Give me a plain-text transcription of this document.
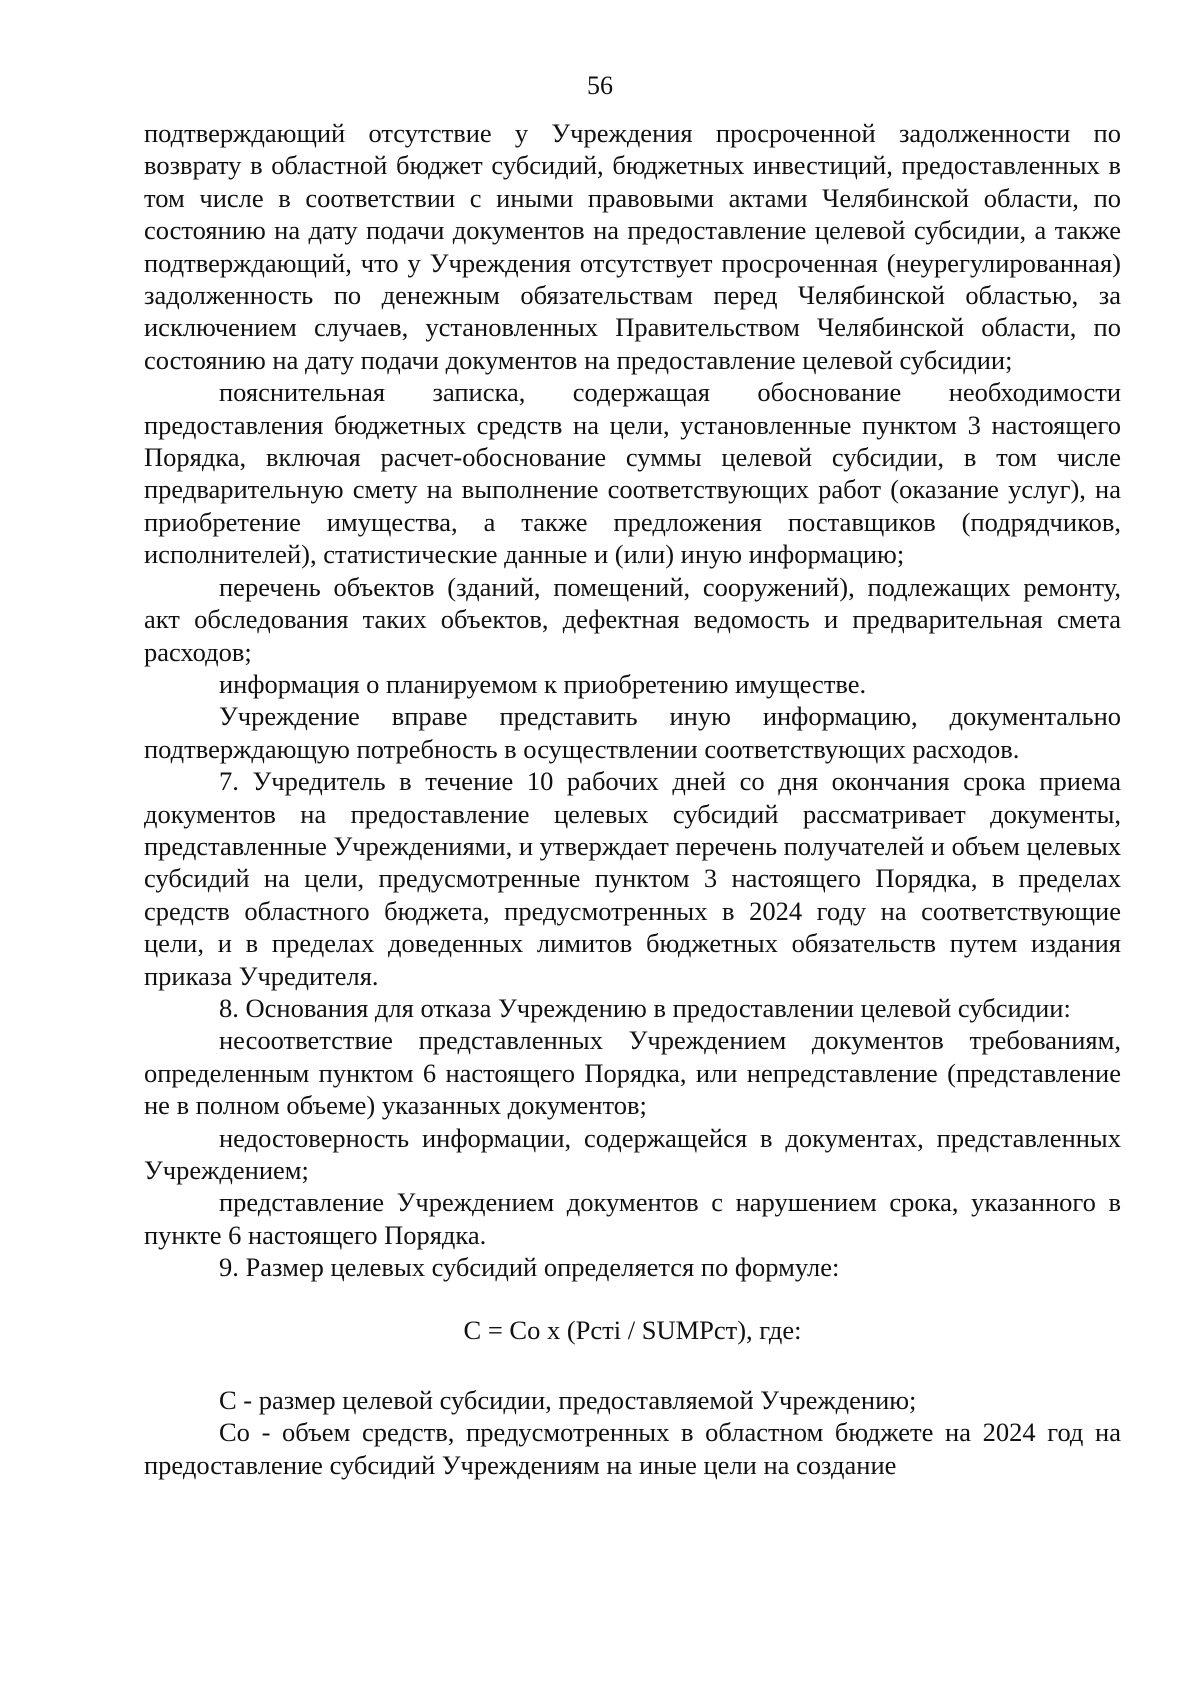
56

подтверждающий отсутствие у Учреждения просроченной задолженности по возврату в областной бюджет субсидий, бюджетных инвестиций, предоставленных в том числе в соответствии с иными правовыми актами Челябинской области, по состоянию на дату подачи документов на предоставление целевой субсидии, а также подтверждающий, что у Учреждения отсутствует просроченная (неурегулированная) задолженность по денежным обязательствам перед Челябинской областью, за исключением случаев, установленных Правительством Челябинской области, по состоянию на дату подачи документов на предоставление целевой субсидии;

пояснительная записка, содержащая обоснование необходимости предоставления бюджетных средств на цели, установленные пунктом 3 настоящего Порядка, включая расчет-обоснование суммы целевой субсидии, в том числе предварительную смету на выполнение соответствующих работ (оказание услуг), на приобретение имущества, а также предложения поставщиков (подрядчиков, исполнителей), статистические данные и (или) иную информацию;

перечень объектов (зданий, помещений, сооружений), подлежащих ремонту, акт обследования таких объектов, дефектная ведомость и предварительная смета расходов;

информация о планируемом к приобретению имуществе.

Учреждение вправе представить иную информацию, документально подтверждающую потребность в осуществлении соответствующих расходов.

7. Учредитель в течение 10 рабочих дней со дня окончания срока приема документов на предоставление целевых субсидий рассматривает документы, представленные Учреждениями, и утверждает перечень получателей и объем целевых субсидий на цели, предусмотренные пунктом 3 настоящего Порядка, в пределах средств областного бюджета, предусмотренных в 2024 году на соответствующие цели, и в пределах доведенных лимитов бюджетных обязательств путем издания приказа Учредителя.

8. Основания для отказа Учреждению в предоставлении целевой субсидии:

несоответствие представленных Учреждением документов требованиям, определенным пунктом 6 настоящего Порядка, или непредставление (представление не в полном объеме) указанных документов;

недостоверность информации, содержащейся в документах, представленных Учреждением;

представление Учреждением документов с нарушением срока, указанного в пункте 6 настоящего Порядка.

9. Размер целевых субсидий определяется по формуле:

С = Со х (Рстi / SUMРст), где:

С - размер целевой субсидии, предоставляемой Учреждению;

Со - объем средств, предусмотренных в областном бюджете на 2024 год на предоставление субсидий Учреждениям на иные цели на создание
